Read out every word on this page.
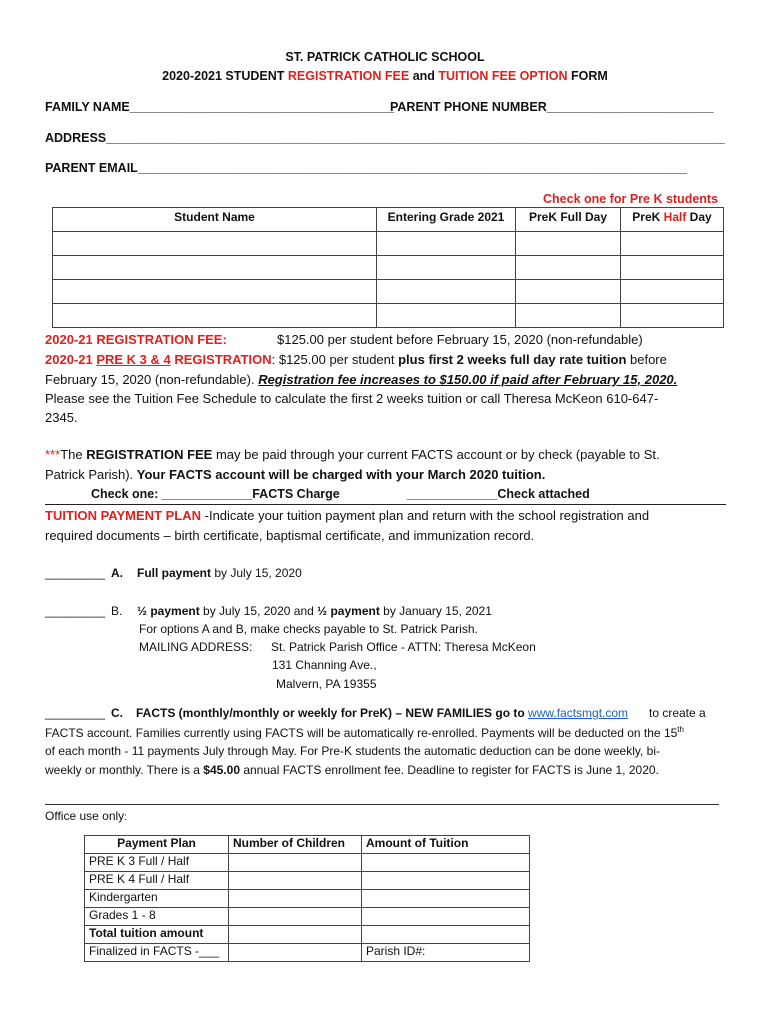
ST. PATRICK CATHOLIC SCHOOL
2020-2021 STUDENT REGISTRATION FEE and TUITION FEE OPTION FORM
FAMILY NAME______________________________________
PARENT PHONE NUMBER________________________
ADDRESS_________________________________________________________________________________________
PARENT EMAIL_______________________________________________________________________________
Check one for Pre K students
Student Name	Entering Grade 2021	PreK Full Day	PreK Half Day

2020-21 REGISTRATION FEE:	$125.00 per student before February 15, 2020 (non-refundable)
2020-21 PRE K 3 & 4 REGISTRATION: $125.00 per student plus first 2 weeks full day rate tuition before
February 15, 2020 (non-refundable). Registration fee increases to $150.00 if paid after February 15, 2020.
Please see the Tuition Fee Schedule to calculate the first 2 weeks tuition or call Theresa McKeon 610-647-
2345.
***The REGISTRATION FEE may be paid through your current FACTS account or by check (payable to St.
Patrick Parish). Your FACTS account will be charged with your March 2020 tuition.
Check one: _____________FACTS Charge	_____________Check attached
TUITION PAYMENT PLAN -Indicate your tuition payment plan and return with the school registration and
required documents – birth certificate, baptismal certificate, and immunization record.
_________ A. Full payment by July 15, 2020
_________ B. ½ payment by July 15, 2020 and ½ payment by January 15, 2021
For options A and B, make checks payable to St. Patrick Parish.
MAILING ADDRESS: St. Patrick Parish Office - ATTN: Theresa McKeon
131 Channing Ave.,
Malvern, PA 19355
_________ C. FACTS (monthly/monthly or weekly for PreK) – NEW FAMILIES go to www.factsmgt.com to create a
FACTS account. Families currently using FACTS will be automatically re-enrolled. Payments will be deducted on the 15th
of each month - 11 payments July through May. For Pre-K students the automatic deduction can be done weekly, bi-
weekly or monthly. There is a $45.00 annual FACTS enrollment fee. Deadline to register for FACTS is June 1, 2020.
Office use only:
Payment Plan	Number of Children	Amount of Tuition
PRE K 3 Full / Half		
PRE K 4 Full / Half		
Kindergarten		
Grades 1 - 8		
Total tuition amount		
Finalized in FACTS -___		Parish ID#:
